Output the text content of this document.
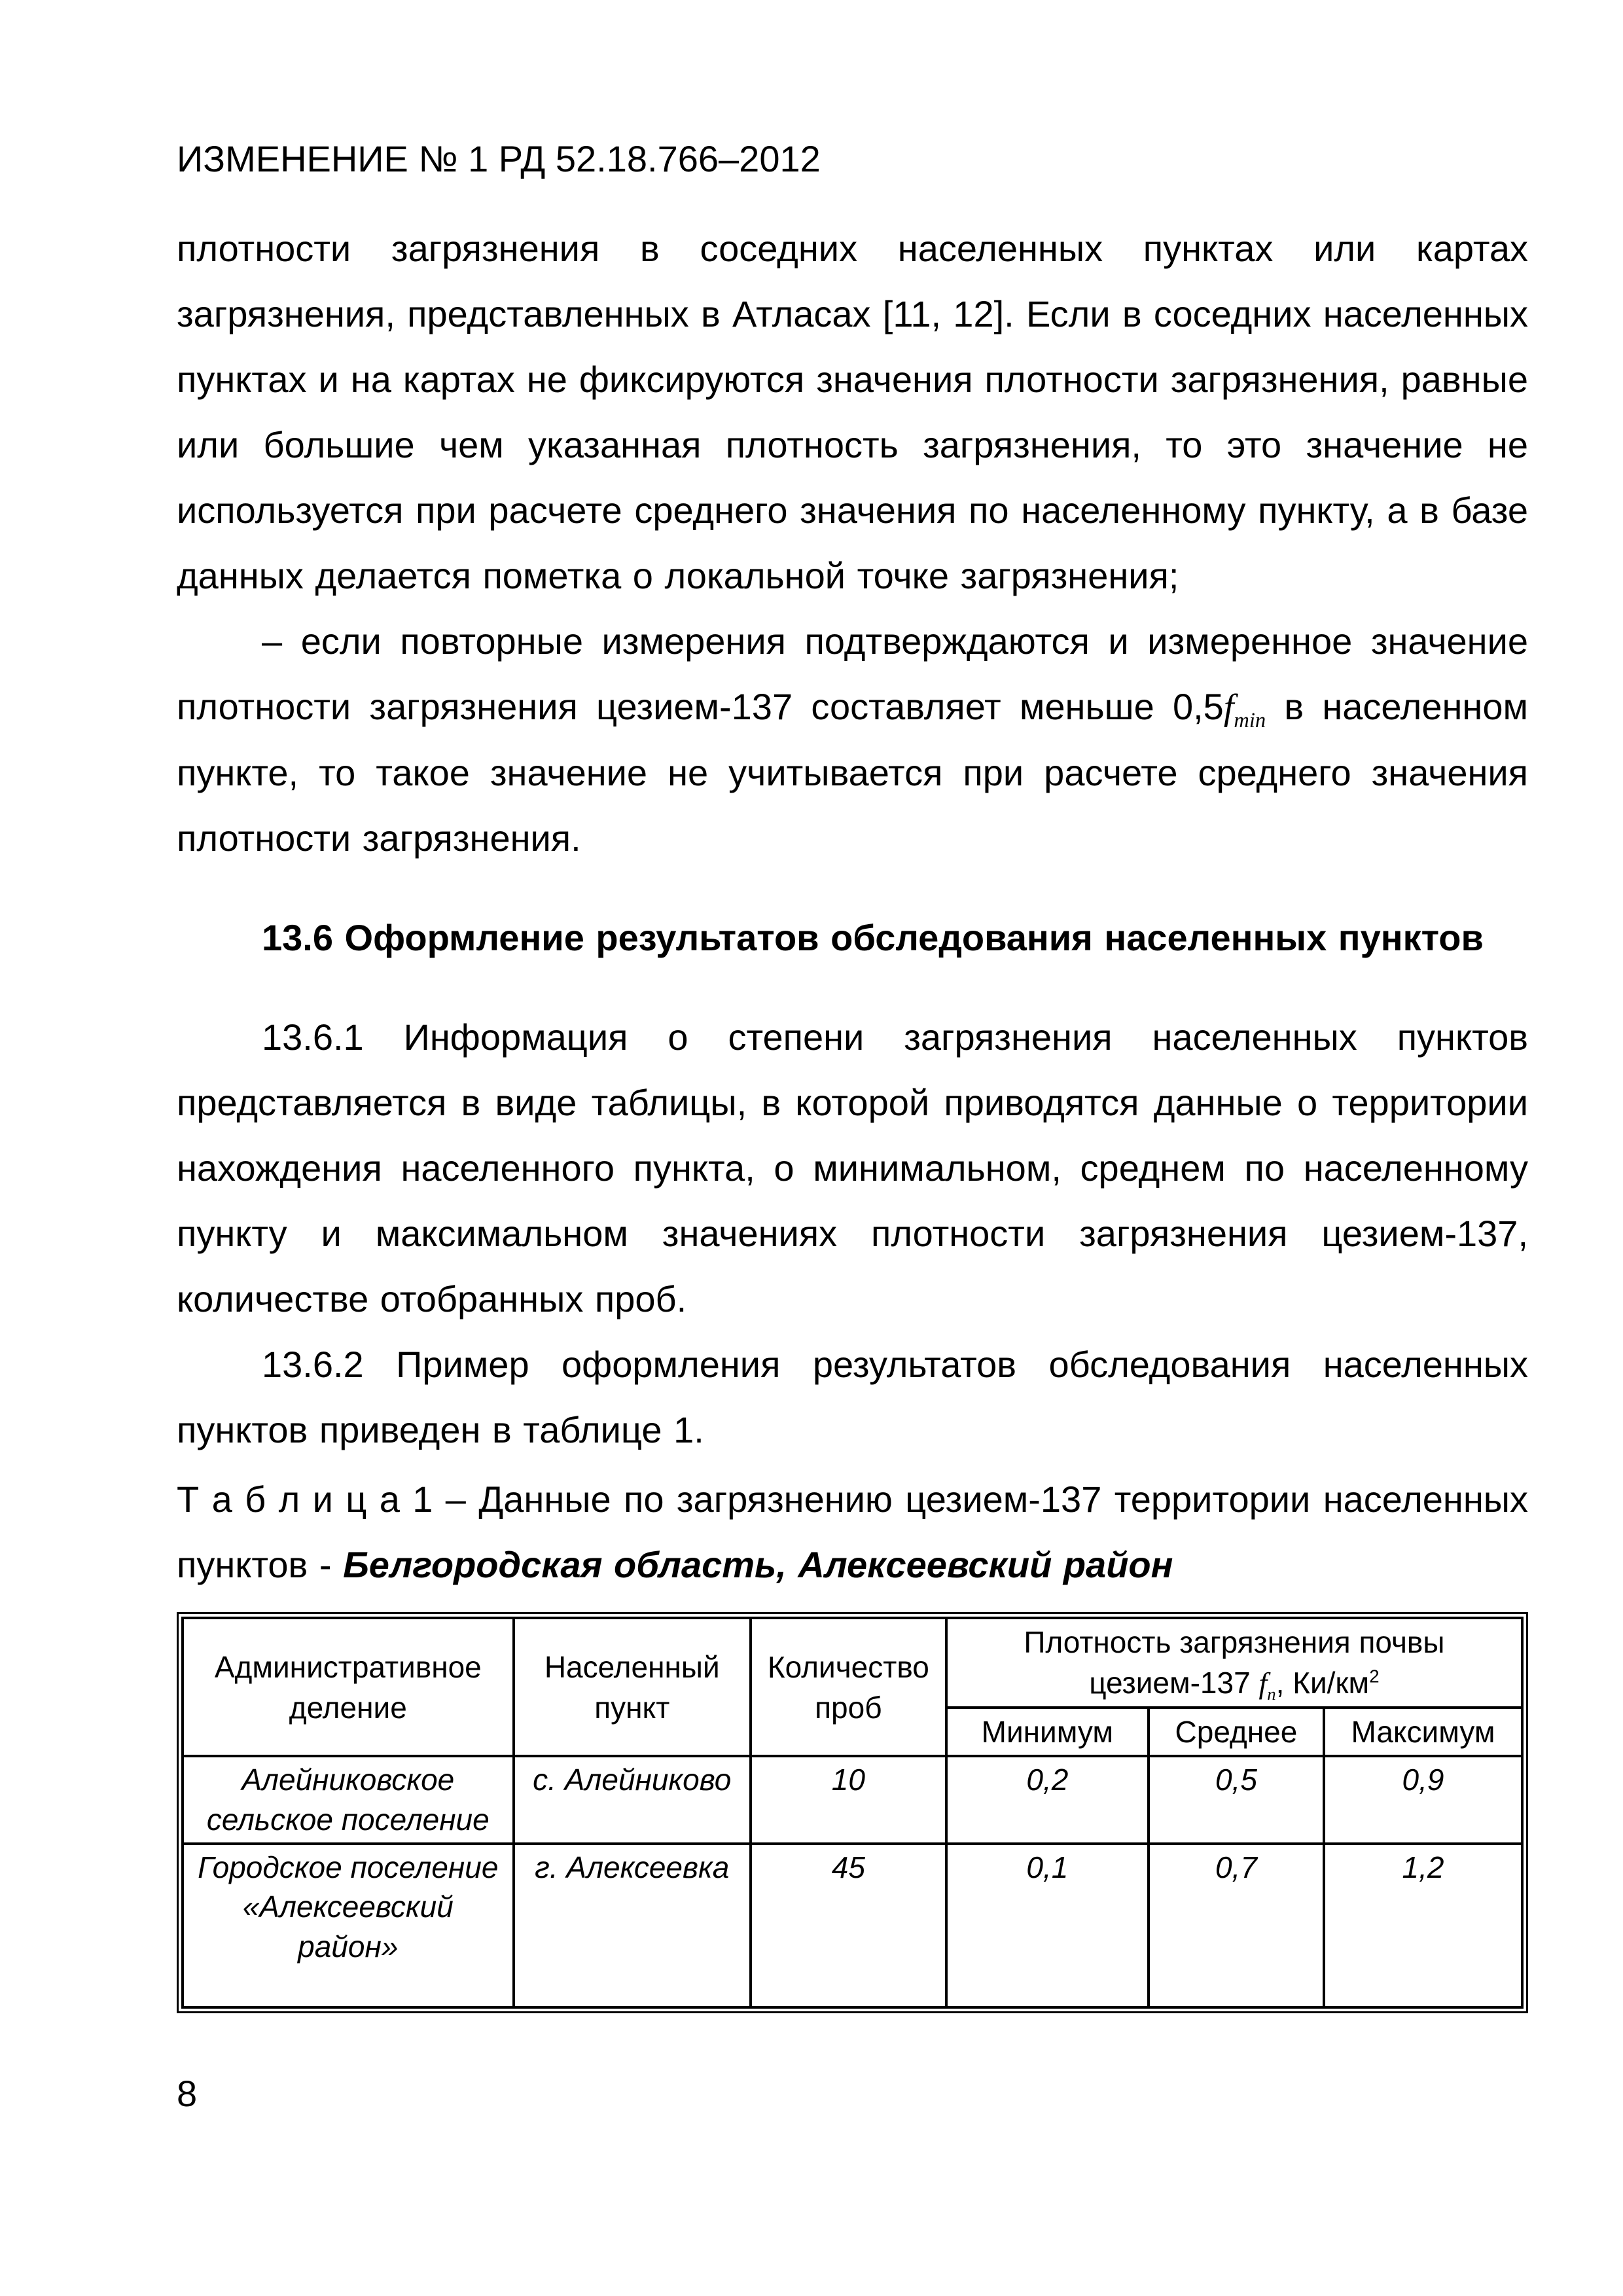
ИЗМЕНЕНИЕ № 1 РД 52.18.766–2012

плотности загрязнения в соседних населенных пунктах или картах загрязнения, представленных в Атласах [11, 12]. Если в соседних населенных пунктах и на картах не фиксируются значения плотности загрязнения, равные или большие чем указанная плотность загрязнения, то это значение не используется при расчете среднего значения по населенному пункту, а в базе данных делается пометка о локальной точке загрязнения;

– если повторные измерения подтверждаются и измеренное значение плотности загрязнения цезием-137 составляет меньше $0,5f_{min}$ в населенном пункте, то такое значение не учитывается при расчете среднего значения плотности загрязнения.

13.6 Оформление результатов обследования населенных пунктов

13.6.1 Информация о степени загрязнения населенных пунктов представляется в виде таблицы, в которой приводятся данные о территории нахождения населенного пункта, о минимальном, среднем по населенному пункту и максимальном значениях плотности загрязнения цезием-137, количестве отобранных проб.

13.6.2 Пример оформления результатов обследования населенных пунктов приведен в таблице 1.

Т а б л и ц а 1 – Данные по загрязнению цезием-137 территории населенных пунктов - Белгородская область, Алексеевский район

Административное деление	Населенный пункт	Количество проб	Плотность загрязнения почвы цезием-137 $f_п$, $Ки/км^2$
			Минимум	Среднее	Максимум
Алейниковское сельское поселение	с. Алейниково	10	0,2	0,5	0,9
Городское поселение «Алексеевский район»	г. Алексеевка	45	0,1	0,7	1,2
8
